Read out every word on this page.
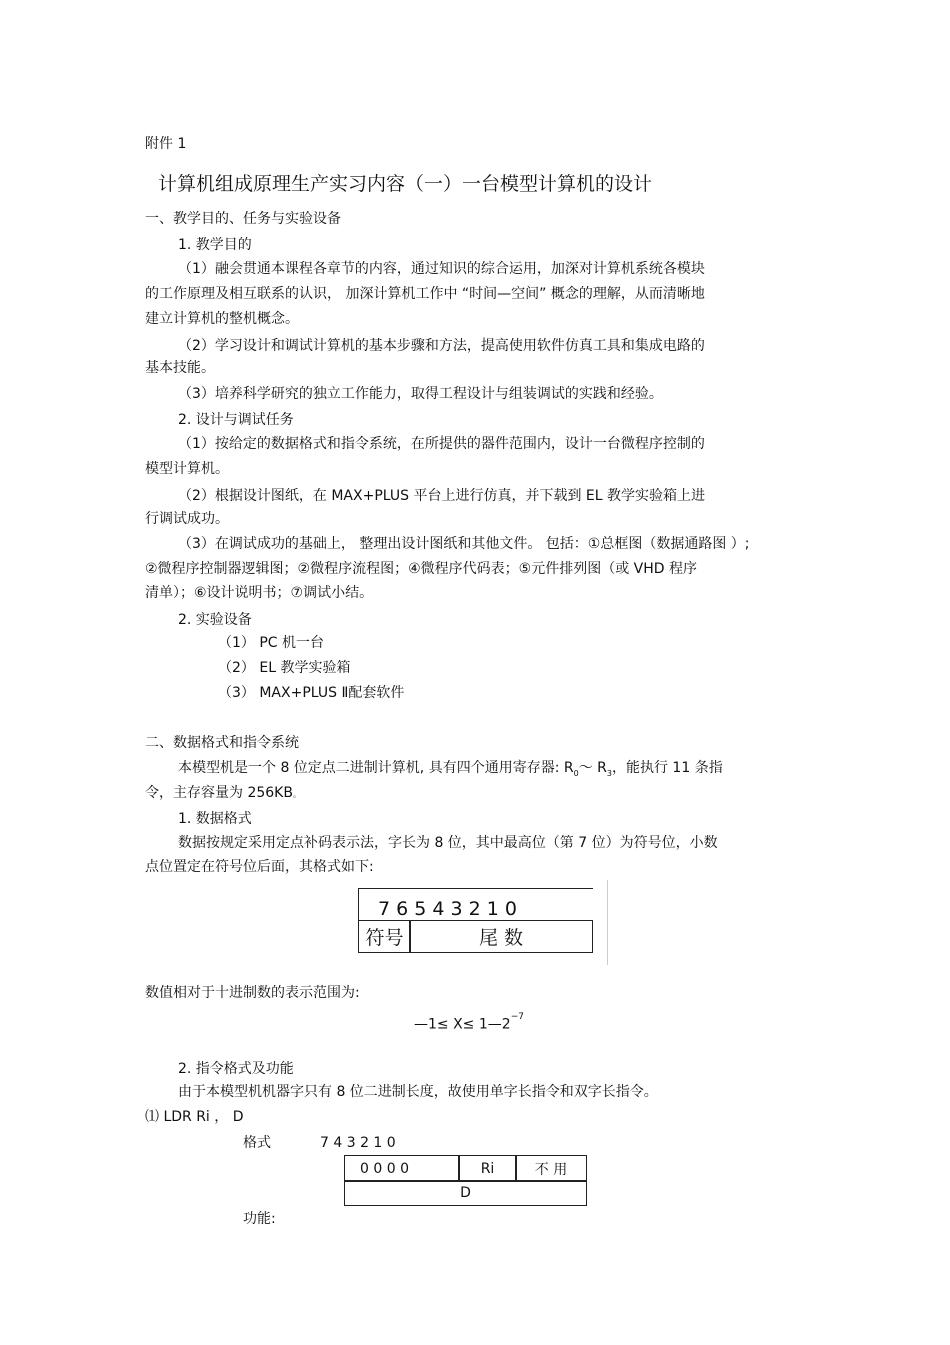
附件 1
计算机组成原理生产实习内容（一）一台模型计算机的设计
一、教学目的、任务与实验设备
1. 教学目的
（1）融会贯通本课程各章节的内容，通过知识的综合运用，加深对计算机系统各模块
的工作原理及相互联系的认识， 加深计算机工作中 “时间—空间” 概念的理解，从而清晰地
建立计算机的整机概念。
（2）学习设计和调试计算机的基本步骤和方法，提高使用软件仿真工具和集成电路的
基本技能。
（3）培养科学研究的独立工作能力，取得工程设计与组装调试的实践和经验。
2. 设计与调试任务
（1）按给定的数据格式和指令系统，在所提供的器件范围内，设计一台微程序控制的
模型计算机。
（2）根据设计图纸，在 MAX+PLUS 平台上进行仿真，并下载到 EL 教学实验箱上进
行调试成功。
（3）在调试成功的基础上， 整理出设计图纸和其他文件。 包括：①总框图（数据通路图 ）;
②微程序控制器逻辑图；②微程序流程图；④微程序代码表；⑤元件排列图（或 VHD 程序
清单）；⑥设计说明书；⑦调试小结。
2. 实验设备
（1） PC 机一台
（2） EL 教学实验箱
（3） MAX+PLUS Ⅱ配套软件
二、数据格式和指令系统
本模型机是一个 8 位定点二进制计算机, 具有四个通用寄存器: $R_0\sim$ $R_3$，能执行 11 条指
令，主存容量为 256KB。
1. 数据格式
数据按规定采用定点补码表示法，字长为 8 位，其中最高位（第 7 位）为符号位，小数
点位置定在符号位后面，其格式如下:
7 6 5 4 3 2 1 0
符号	尾 数
数值相对于十进制数的表示范围为:
—1≤ $X\le 1—2^{-7}$
2. 指令格式及功能
由于本模型机机器字只有 8 位二进制长度，故使用单字长指令和双字长指令。
⑴ LDR Ri ， D
格式	7 4 3 2 1 0
0 0 0 0	Ri	不 用
D
功能:
